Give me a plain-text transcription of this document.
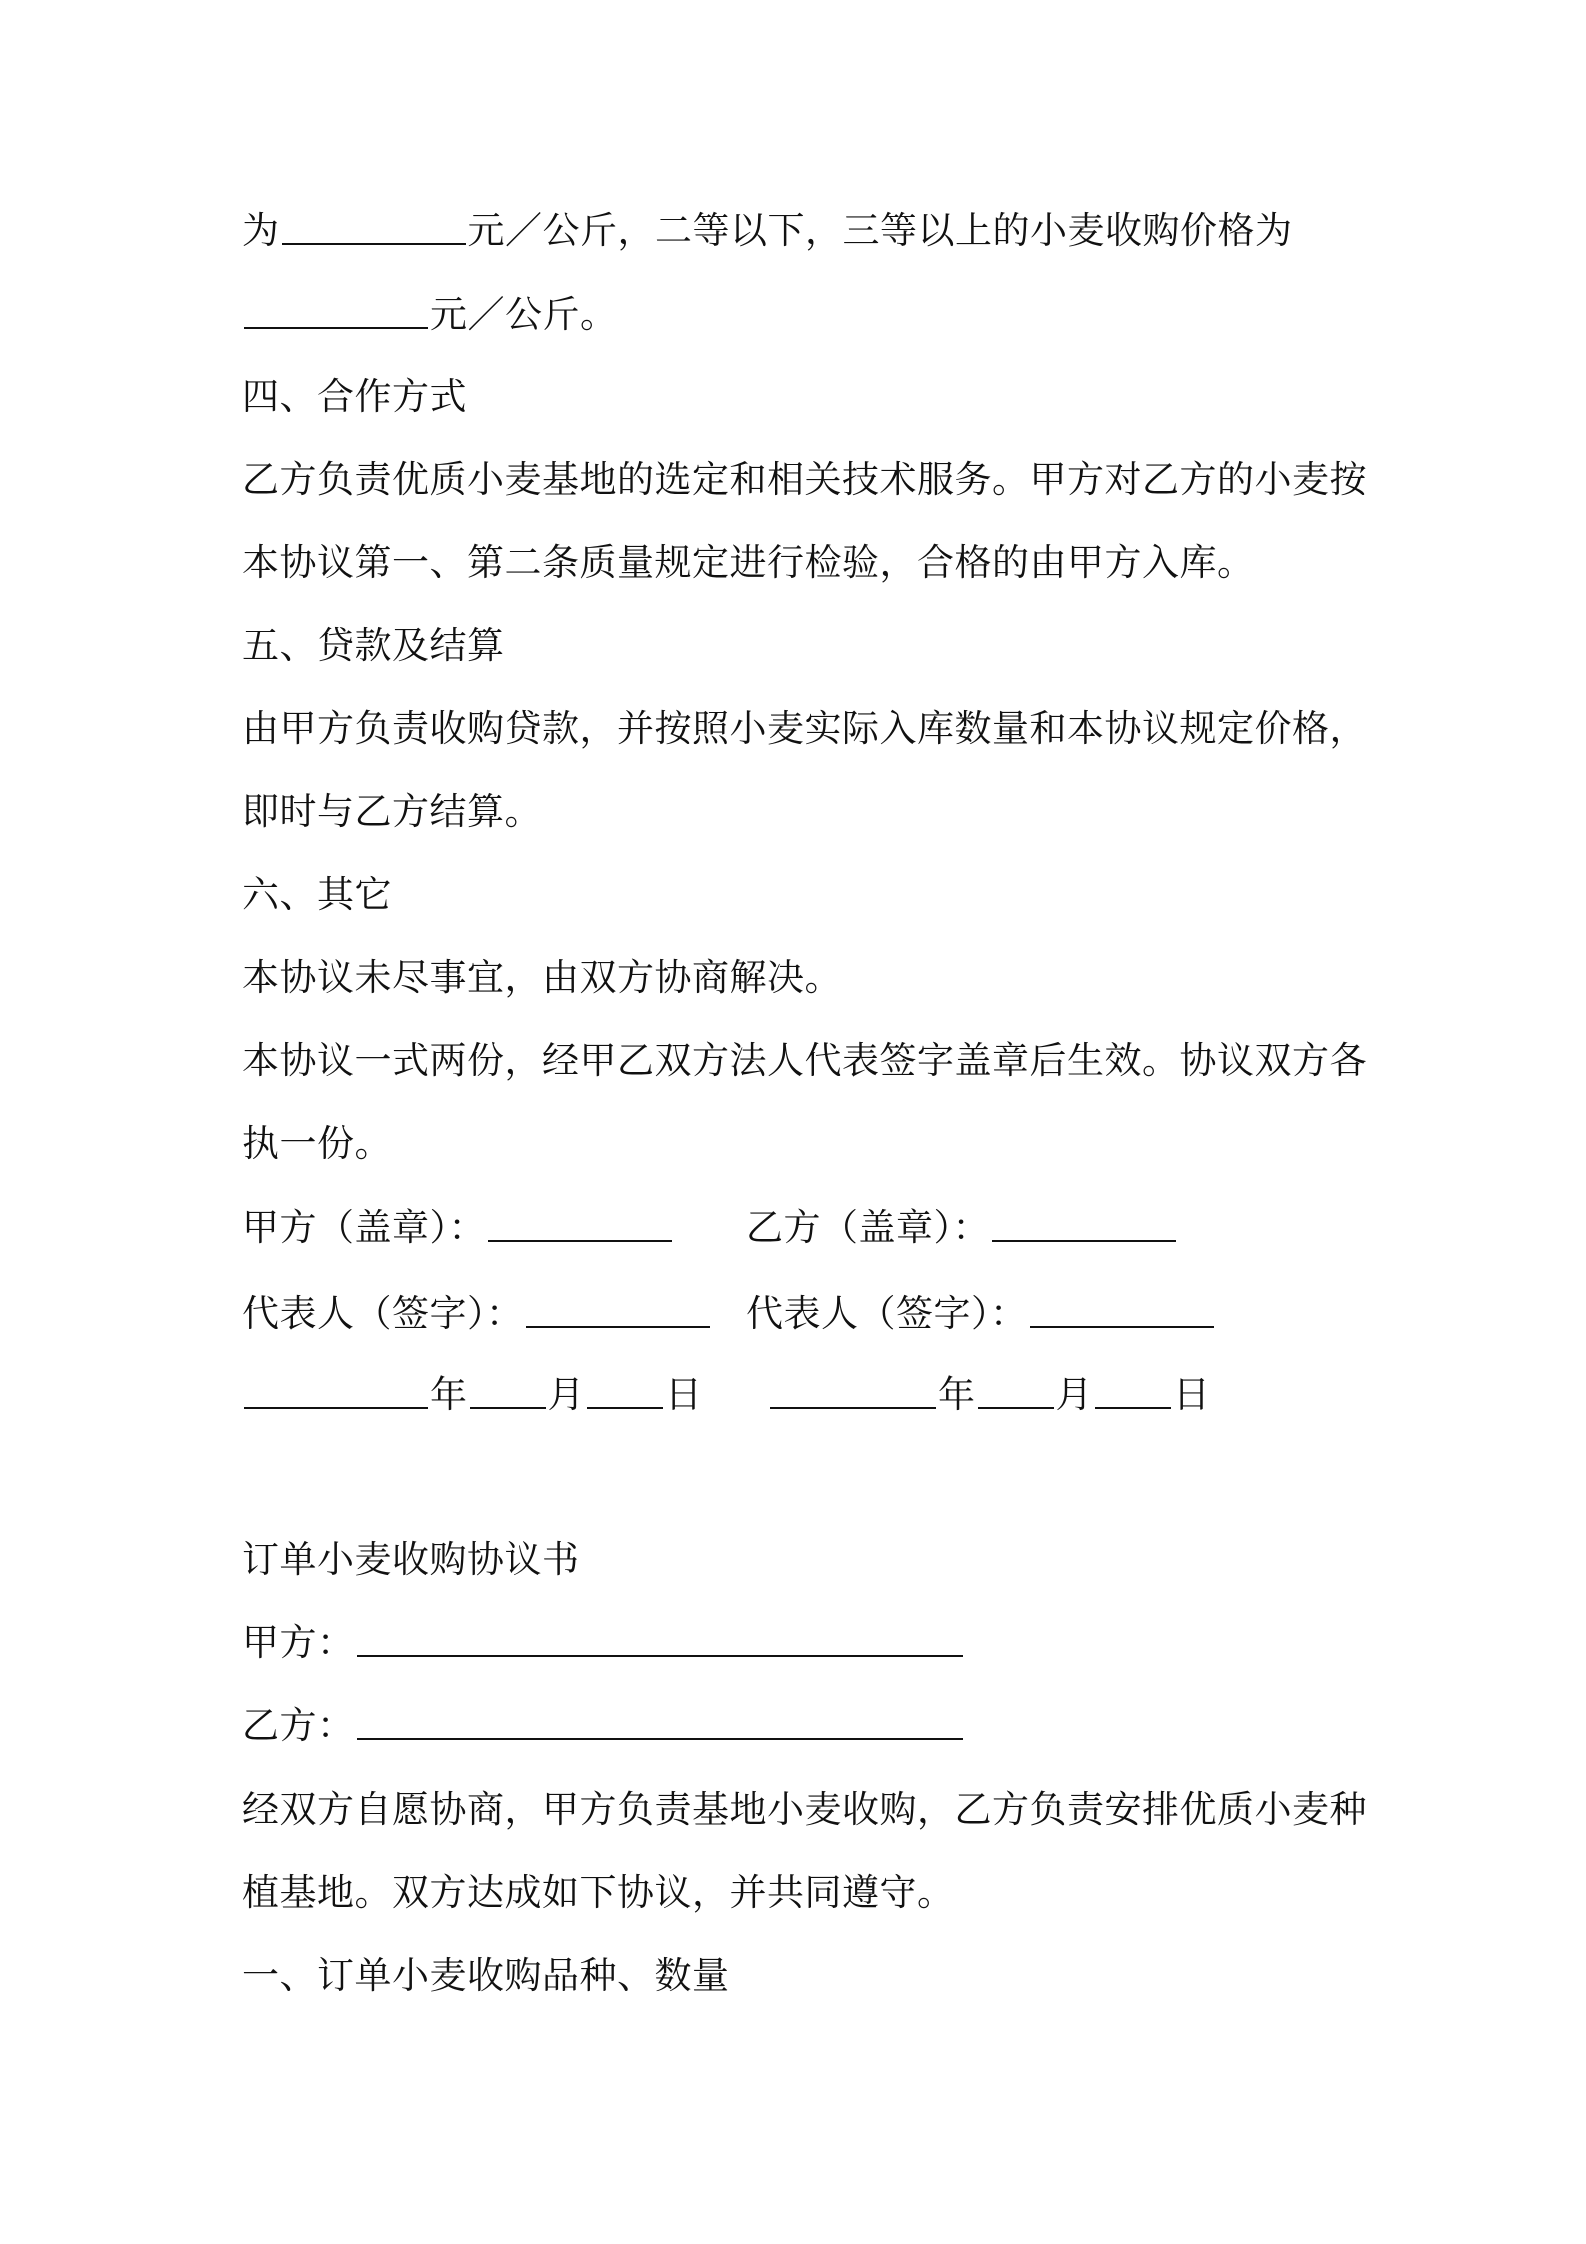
为	元／公斤，二等以下，三等以上的小麦收购价格为
元／公斤。
四、合作方式
乙方负责优质小麦基地的选定和相关技术服务。甲方对乙方的小麦按
本协议第一、第二条质量规定进行检验，合格的由甲方入库。
五、贷款及结算
由甲方负责收购贷款，并按照小麦实际入库数量和本协议规定价格，
即时与乙方结算。
六、其它
本协议未尽事宜，由双方协商解决。
本协议一式两份，经甲乙双方法人代表签字盖章后生效。协议双方各
执一份。
甲方（盖章）：	乙方（盖章）：
代表人（签字）：	代表人（签字）：
年 月 日	年 月 日
订单小麦收购协议书
甲方：
乙方：
经双方自愿协商，甲方负责基地小麦收购，乙方负责安排优质小麦种
植基地。双方达成如下协议，并共同遵守。
一、订单小麦收购品种、数量
